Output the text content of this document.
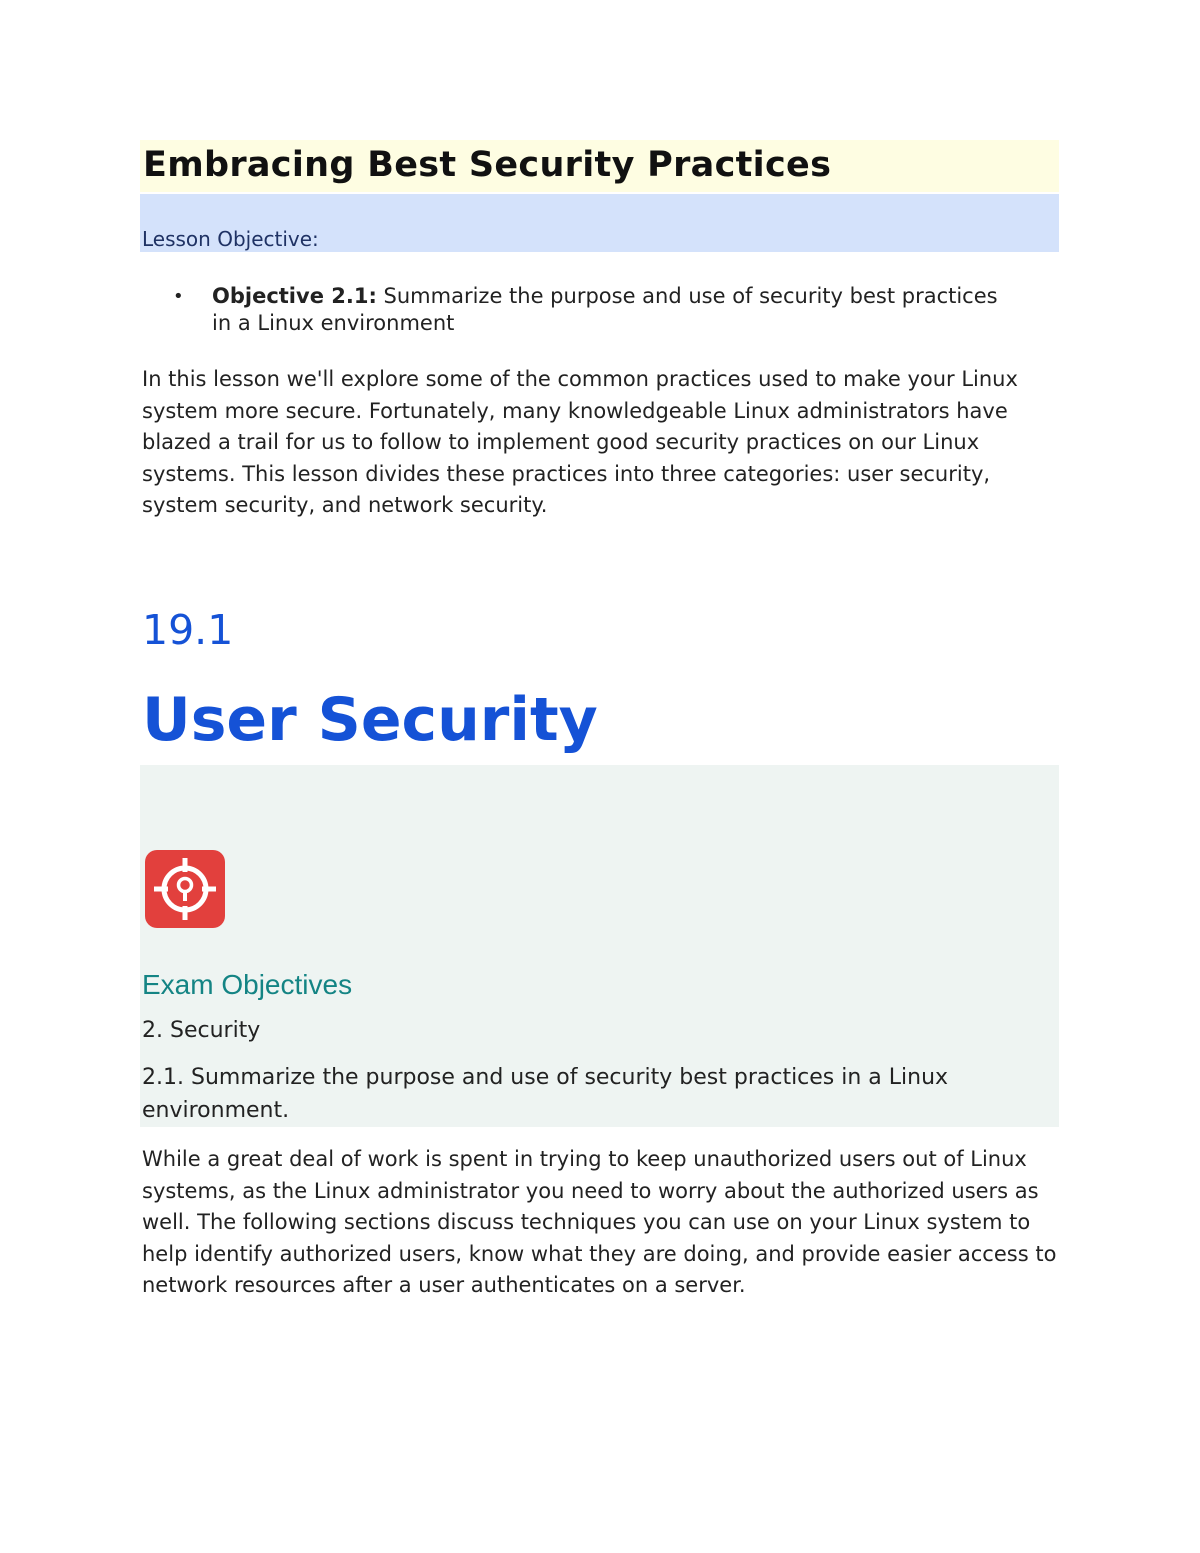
Embracing Best Security Practices
Lesson Objective:
• Objective 2.1: Summarize the purpose and use of security best practices in a Linux environment

In this lesson we'll explore some of the common practices used to make your Linux system more secure. Fortunately, many knowledgeable Linux administrators have blazed a trail for us to follow to implement good security practices on our Linux systems. This lesson divides these practices into three categories: user security, system security, and network security.

19.1
User Security
Exam Objectives

2. Security

2.1. Summarize the purpose and use of security best practices in a Linux environment.

While a great deal of work is spent in trying to keep unauthorized users out of Linux systems, as the Linux administrator you need to worry about the authorized users as well. The following sections discuss techniques you can use on your Linux system to help identify authorized users, know what they are doing, and provide easier access to network resources after a user authenticates on a server.
